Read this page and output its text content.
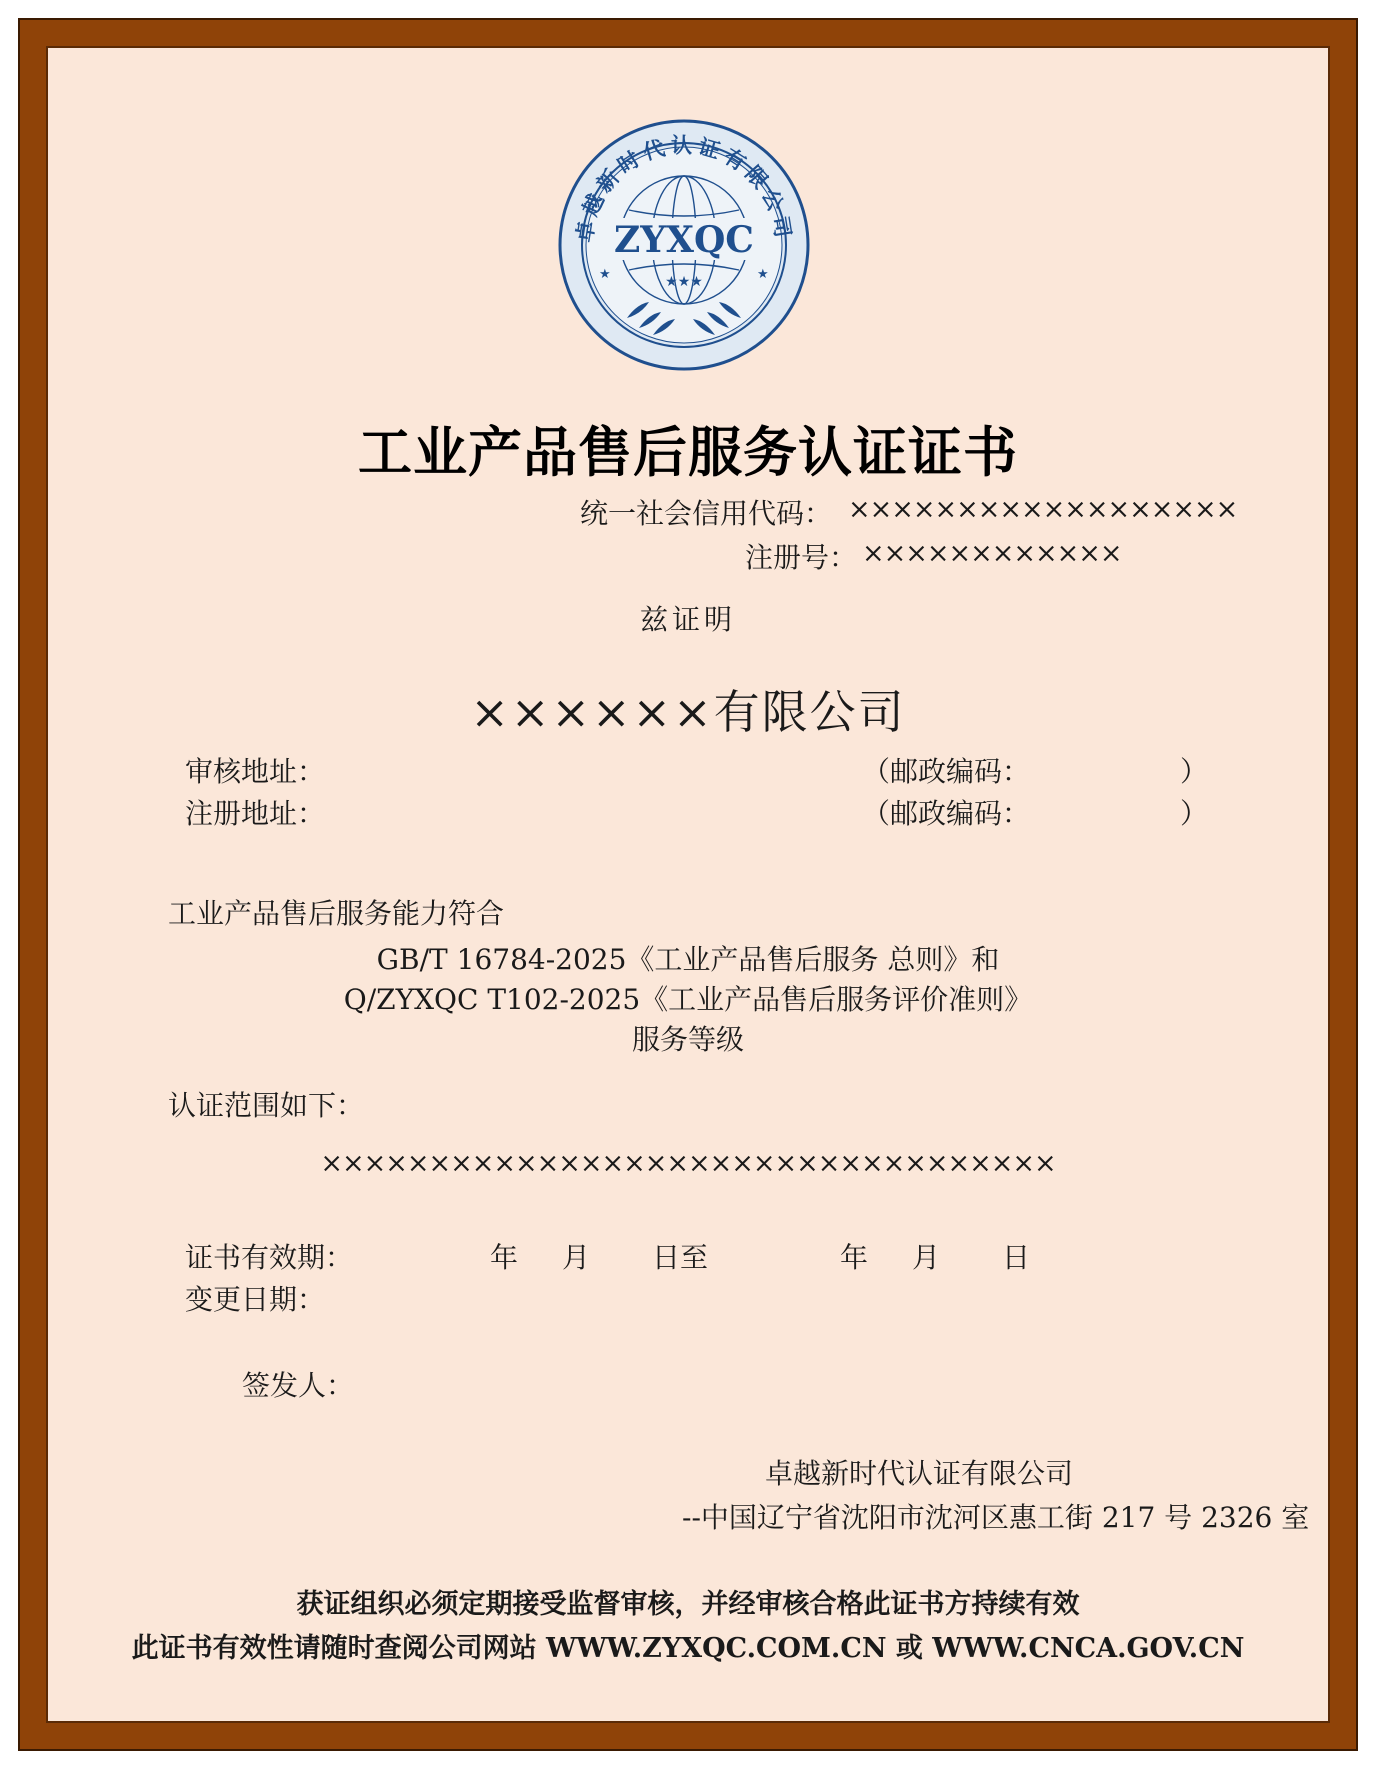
卓越新时代认证有限公司
ZYXQC
★★★
★	★
工业产品售后服务认证证书
统一社会信用代码： ××××××××××××××××××
注册号： ××××××××××××
兹证明
××××××有限公司
审核地址：	（邮政编码：	）
注册地址：	（邮政编码：	）
工业产品售后服务能力符合
GB/T 16784-2025《工业产品售后服务 总则》和
Q/ZYXQC T102-2025《工业产品售后服务评价准则》
服务等级
认证范围如下：
××××××××××××××××××××××××××××××××××
证书有效期：	年 月 日至	年 月 日
变更日期：
签发人：
卓越新时代认证有限公司
--中国辽宁省沈阳市沈河区惠工街 217 号 2326 室
获证组织必须定期接受监督审核，并经审核合格此证书方持续有效
此证书有效性请随时查阅公司网站 WWW.ZYXQC.COM.CN 或 WWW.CNCA.GOV.CN
